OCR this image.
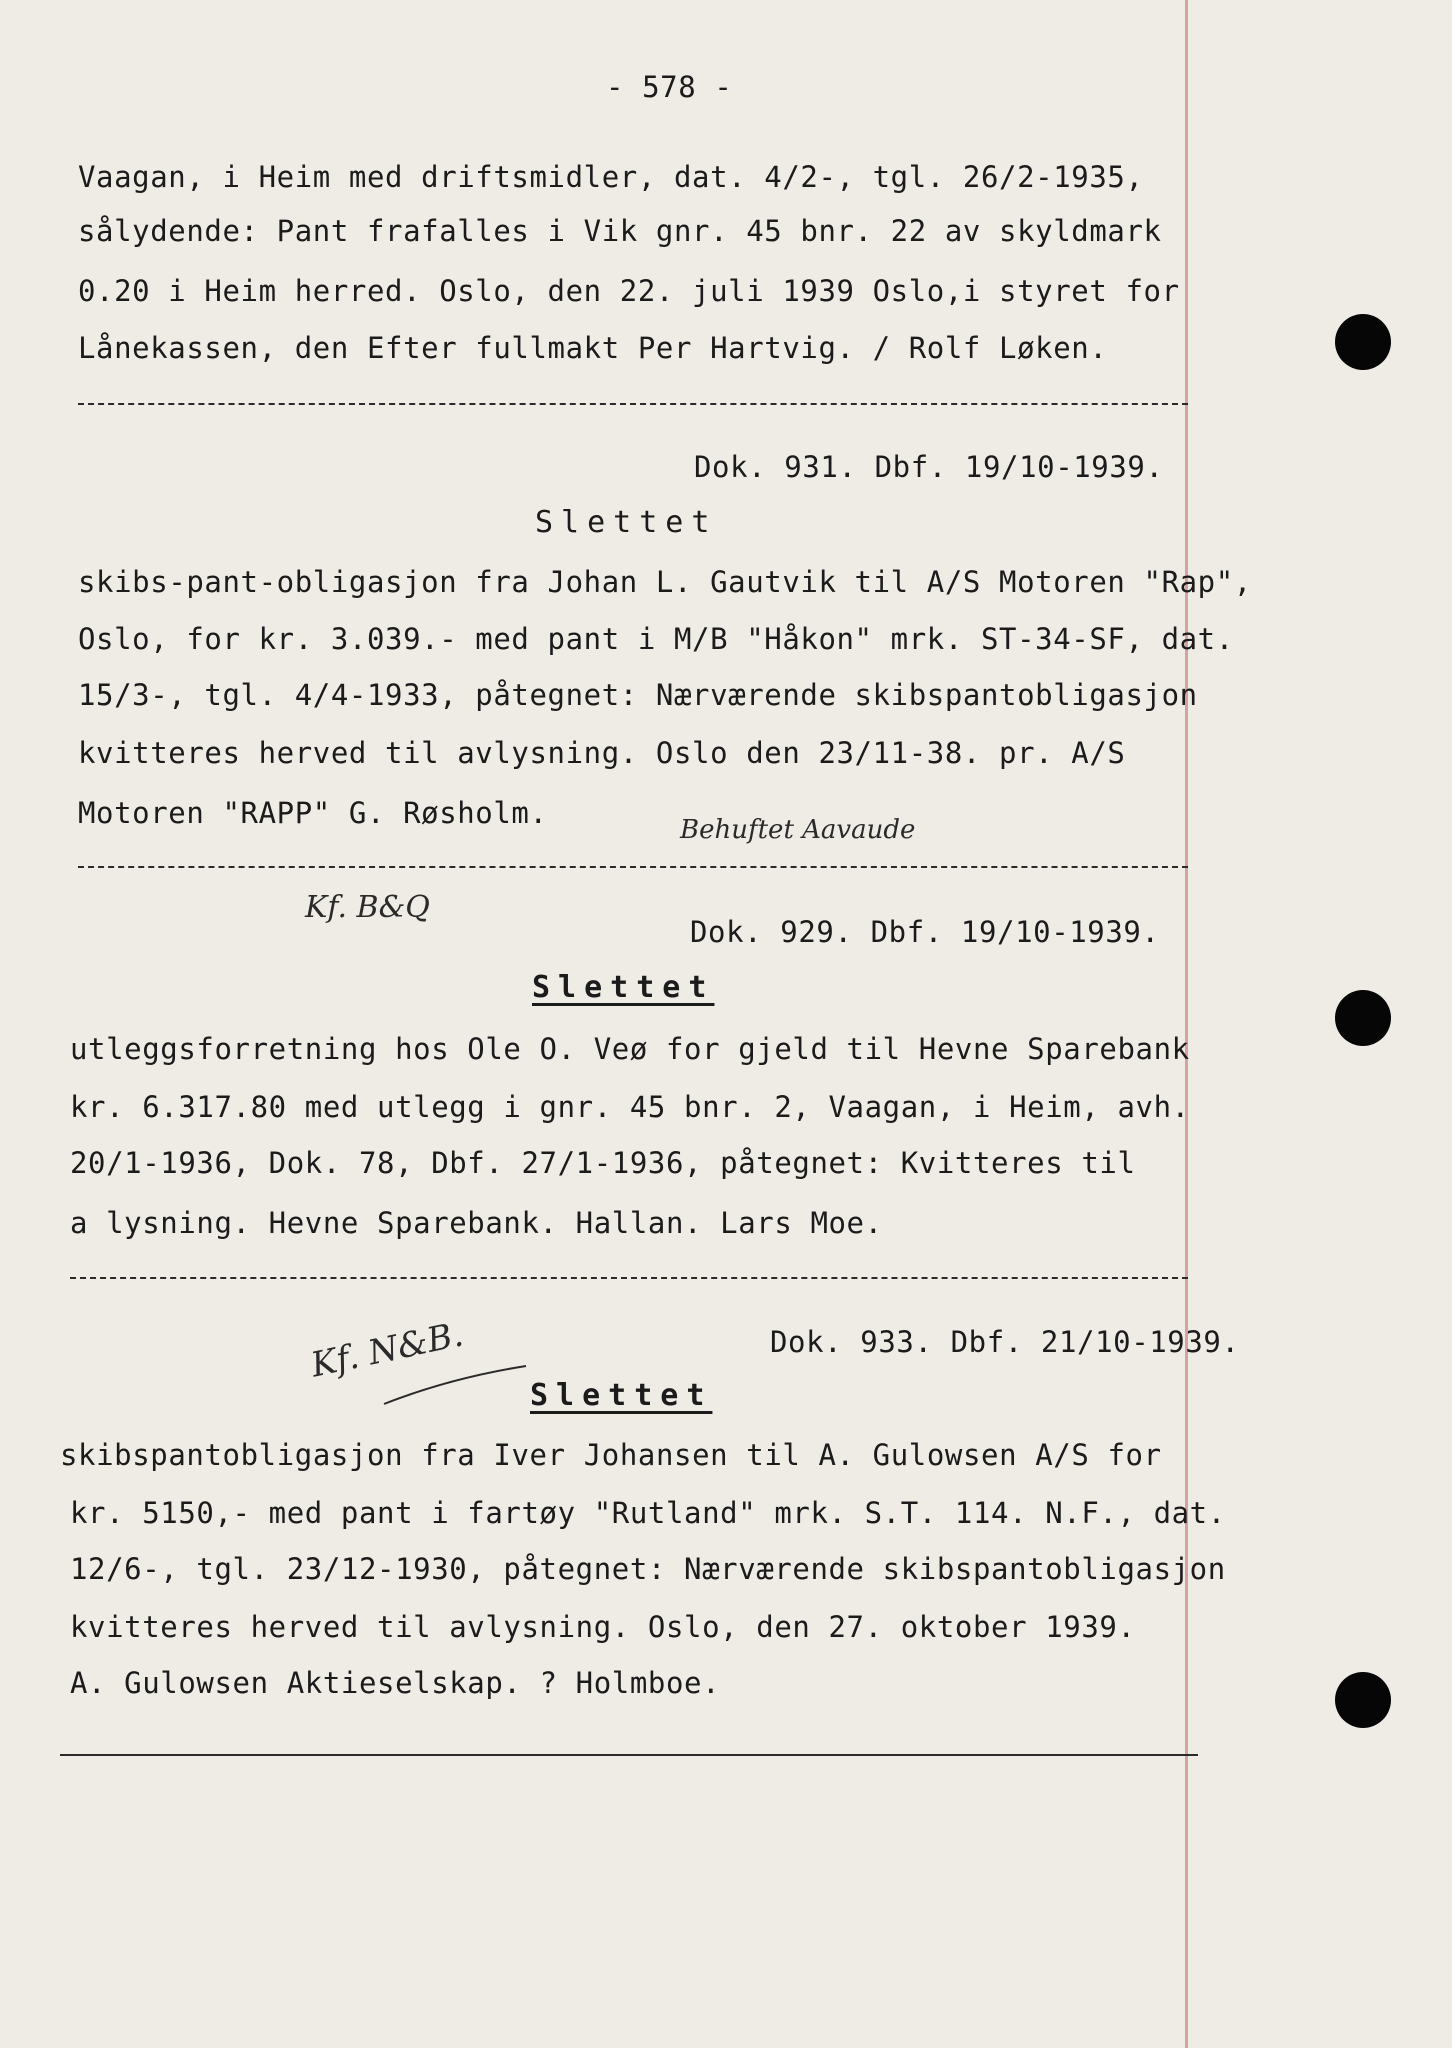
- 578 -
Vaagan, i Heim med driftsmidler, dat. 4/2-, tgl. 26/2-1935,
sålydende: Pant frafalles i Vik gnr. 45 bnr. 22 av skyldmark
0.20 i Heim herred. Oslo, den 22. juli 1939 Oslo,i styret for
Lånekassen, den Efter fullmakt Per Hartvig. / Rolf Løken.
Dok. 931. Dbf. 19/10-1939.
Slettet
skibs-pant-obligasjon fra Johan L. Gautvik til A/S Motoren "Rap",
Oslo, for kr. 3.039.- med pant i M/B "Håkon" mrk. ST-34-SF, dat.
15/3-, tgl. 4/4-1933, påtegnet: Nærværende skibspantobligasjon
kvitteres herved til avlysning. Oslo den 23/11-38. pr. A/S
Motoren "RAPP" G. Røsholm.	Behuftet Aavaude
Kf. B&Q
Dok. 929. Dbf. 19/10-1939.
Slettet
utleggsforretning hos Ole O. Veø for gjeld til Hevne Sparebank
kr. 6.317.80 med utlegg i gnr. 45 bnr. 2, Vaagan, i Heim, avh.
20/1-1936, Dok. 78, Dbf. 27/1-1936, påtegnet: Kvitteres til
a lysning. Hevne Sparebank. Hallan. Lars Moe.
Kf. N&B.	Dok. 933. Dbf. 21/10-1939.
Slettet
skibspantobligasjon fra Iver Johansen til A. Gulowsen A/S for
kr. 5150,- med pant i fartøy "Rutland" mrk. S.T. 114. N.F., dat.
12/6-, tgl. 23/12-1930, påtegnet: Nærværende skibspantobligasjon
kvitteres herved til avlysning. Oslo, den 27. oktober 1939.
A. Gulowsen Aktieselskap. ? Holmboe.
